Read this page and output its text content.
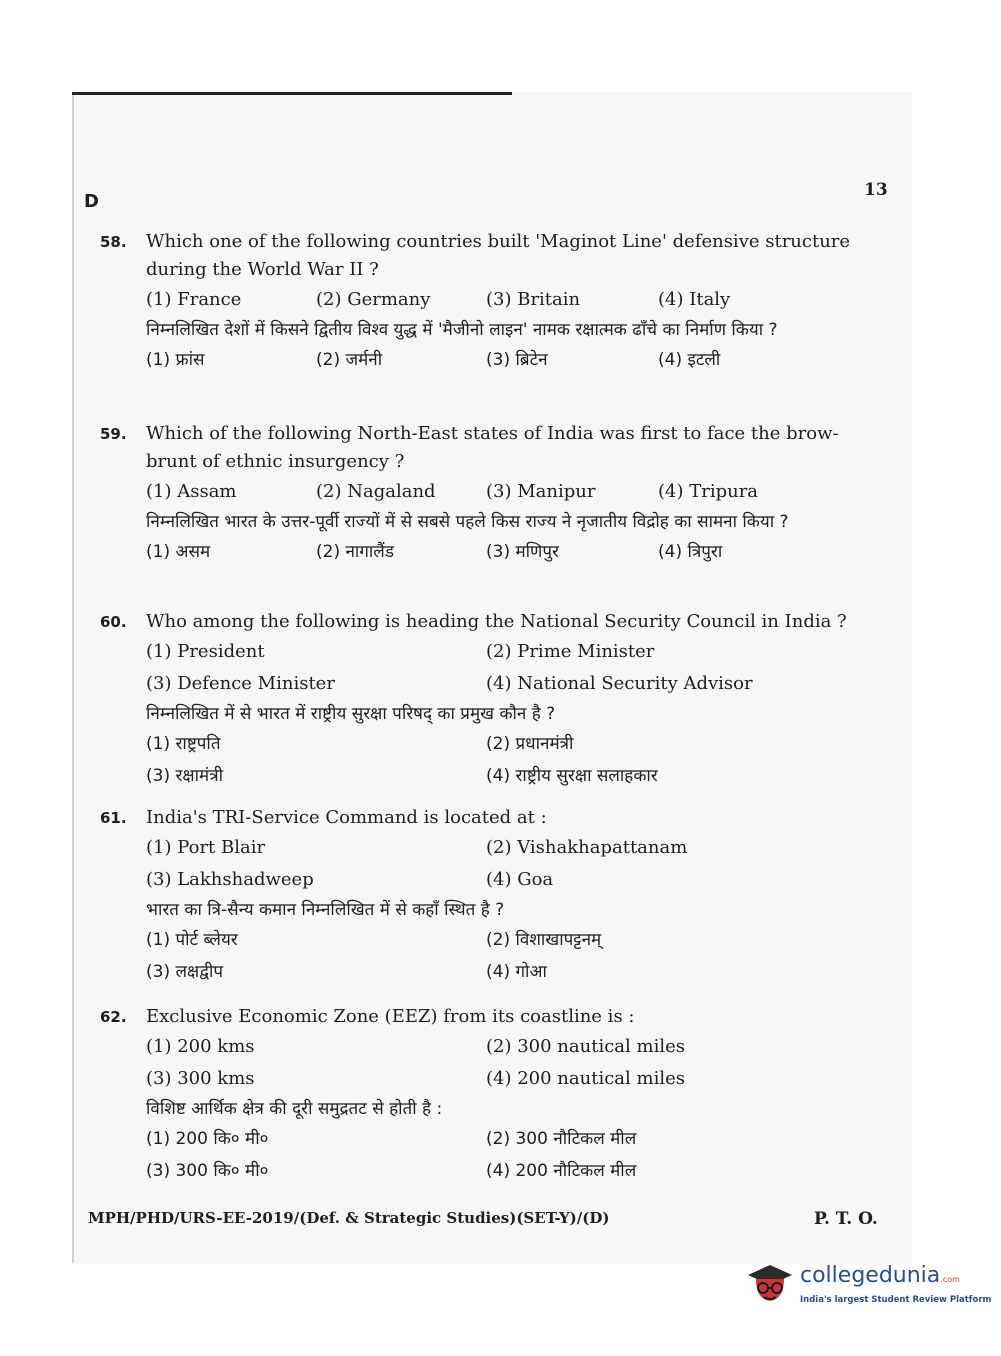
D
13
58.	Which one of the following countries built 'Maginot Line' defensive structure during the World War II ?
(1) France	(2) Germany	(3) Britain	(4) Italy
निम्नलिखित देशों में किसने द्वितीय विश्व युद्ध में 'मैजीनो लाइन' नामक रक्षात्मक ढाँचे का निर्माण किया ?
(1) फ्रांस	(2) जर्मनी	(3) ब्रिटेन	(4) इटली
59.	Which of the following North-East states of India was first to face the brow-brunt of ethnic insurgency ?
(1) Assam	(2) Nagaland	(3) Manipur	(4) Tripura
निम्नलिखित भारत के उत्तर-पूर्वी राज्यों में से सबसे पहले किस राज्य ने नृजातीय विद्रोह का सामना किया ?
(1) असम	(2) नागालैंड	(3) मणिपुर	(4) त्रिपुरा
60.	Who among the following is heading the National Security Council in India ?
(1) President	(2) Prime Minister
(3) Defence Minister	(4) National Security Advisor
निम्नलिखित में से भारत में राष्ट्रीय सुरक्षा परिषद् का प्रमुख कौन है ?
(1) राष्ट्रपति	(2) प्रधानमंत्री
(3) रक्षामंत्री	(4) राष्ट्रीय सुरक्षा सलाहकार
61.	India's TRI-Service Command is located at :
(1) Port Blair	(2) Vishakhapattanam
(3) Lakhshadweep	(4) Goa
भारत का त्रि-सैन्य कमान निम्नलिखित में से कहाँ स्थित है ?
(1) पोर्ट ब्लेयर	(2) विशाखापट्टनम्
(3) लक्षद्वीप	(4) गोआ
62.	Exclusive Economic Zone (EEZ) from its coastline is :
(1) 200 kms	(2) 300 nautical miles
(3) 300 kms	(4) 200 nautical miles
विशिष्ट आर्थिक क्षेत्र की दूरी समुद्रतट से होती है :
(1) 200 कि० मी०	(2) 300 नौटिकल मील
(3) 300 कि० मी०	(4) 200 नौटिकल मील
MPH/PHD/URS-EE-2019/(Def. & Strategic Studies)(SET-Y)/(D)	P. T. O.
collegedunia.com
India's largest Student Review Platform
